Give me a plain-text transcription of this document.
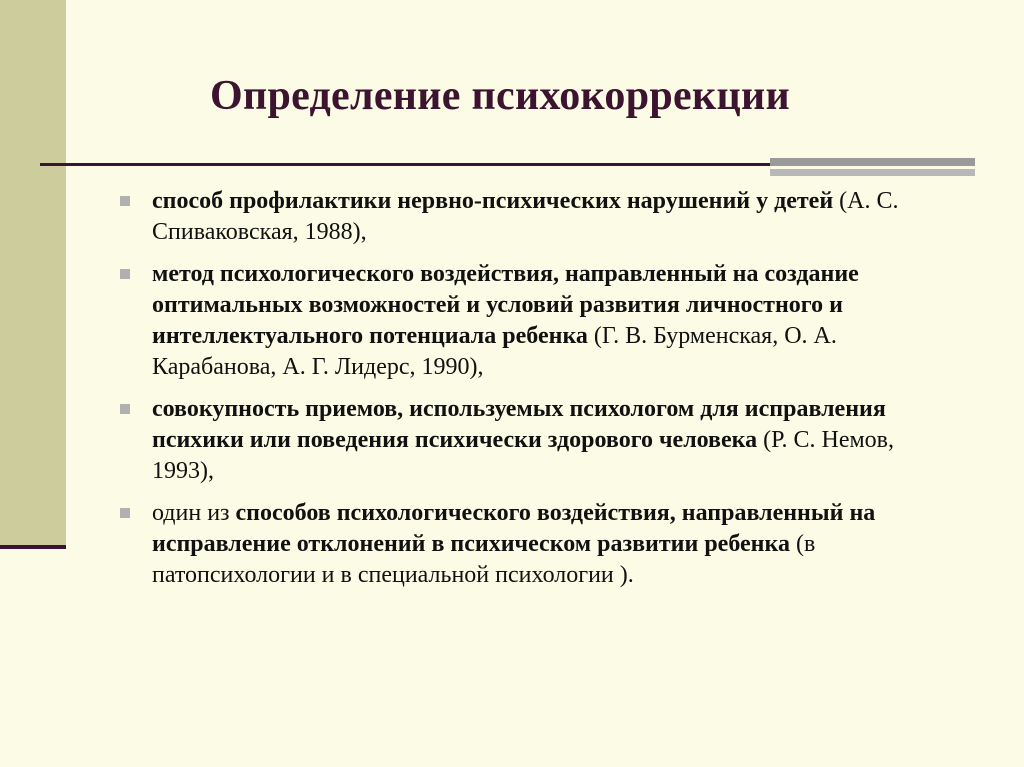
Определение психокоррекции
способ профилактики нервно-психических нарушений у детей (А. С. Спиваковская, 1988),
метод психологического воздействия, направленный на создание оптимальных возможностей и условий развития личностного и интеллектуального потенциала ребенка (Г. В. Бурменская, О. А. Карабанова, А. Г. Лидерс, 1990),
совокупность приемов, используемых психологом для исправления психики или поведения психически здорового человека (Р. С. Немов, 1993),
один из способов психологического воздействия, направленный на исправление отклонений в психическом развитии ребенка (в патопсихологии и в специальной психологии ).
